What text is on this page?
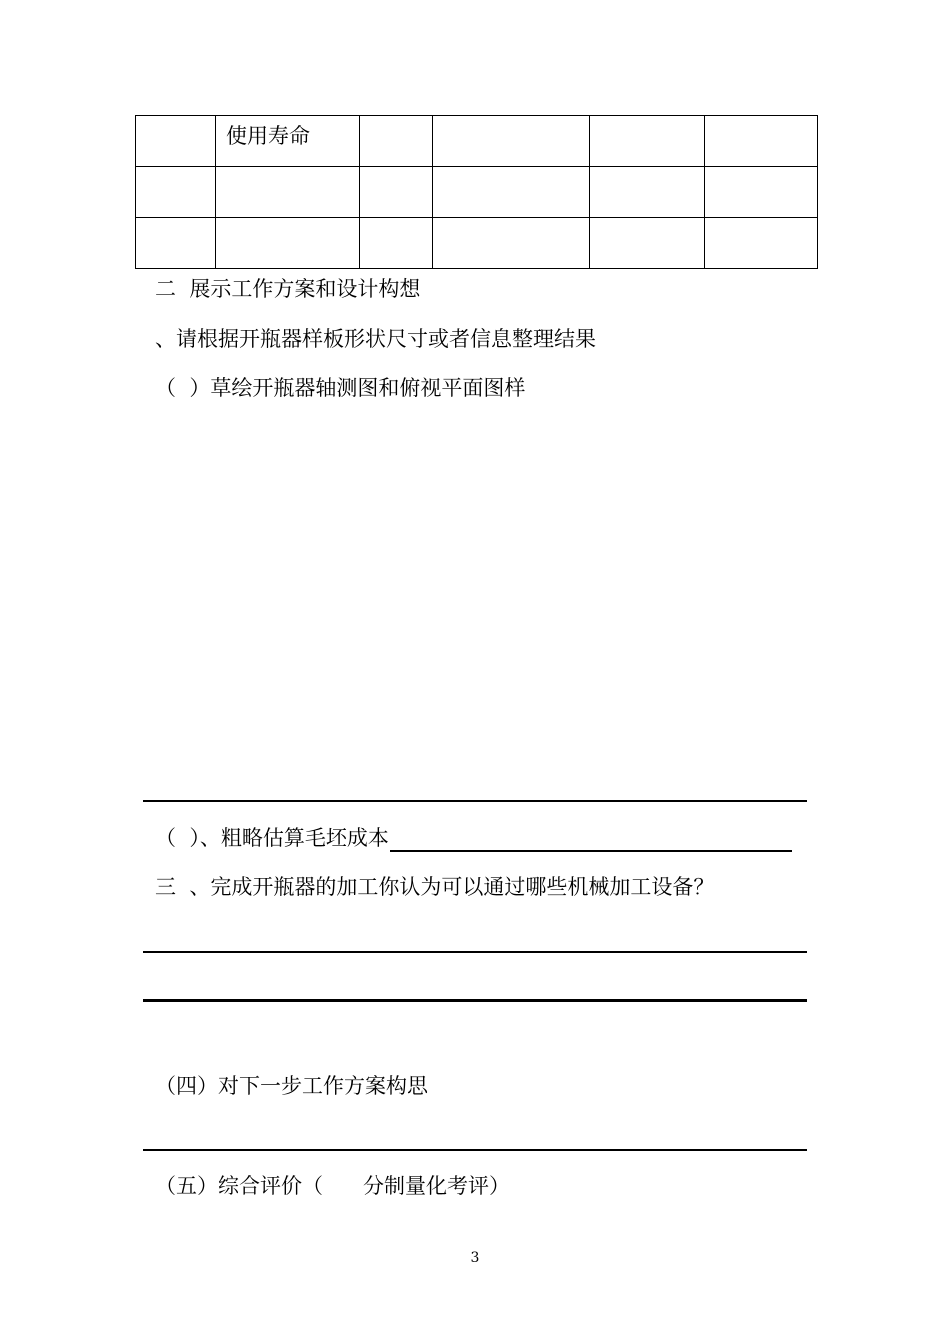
	使用寿命				

二  展示工作方案和设计构想
、请根据开瓶器样板形状尺寸或者信息整理结果
（  ）草绘开瓶器轴测图和俯视平面图样
（  ）、粗略估算毛坯成本
三  、完成开瓶器的加工你认为可以通过哪些机械加工设备？
（四）对下一步工作方案构思
（五）综合评价（      分制量化考评）
3
